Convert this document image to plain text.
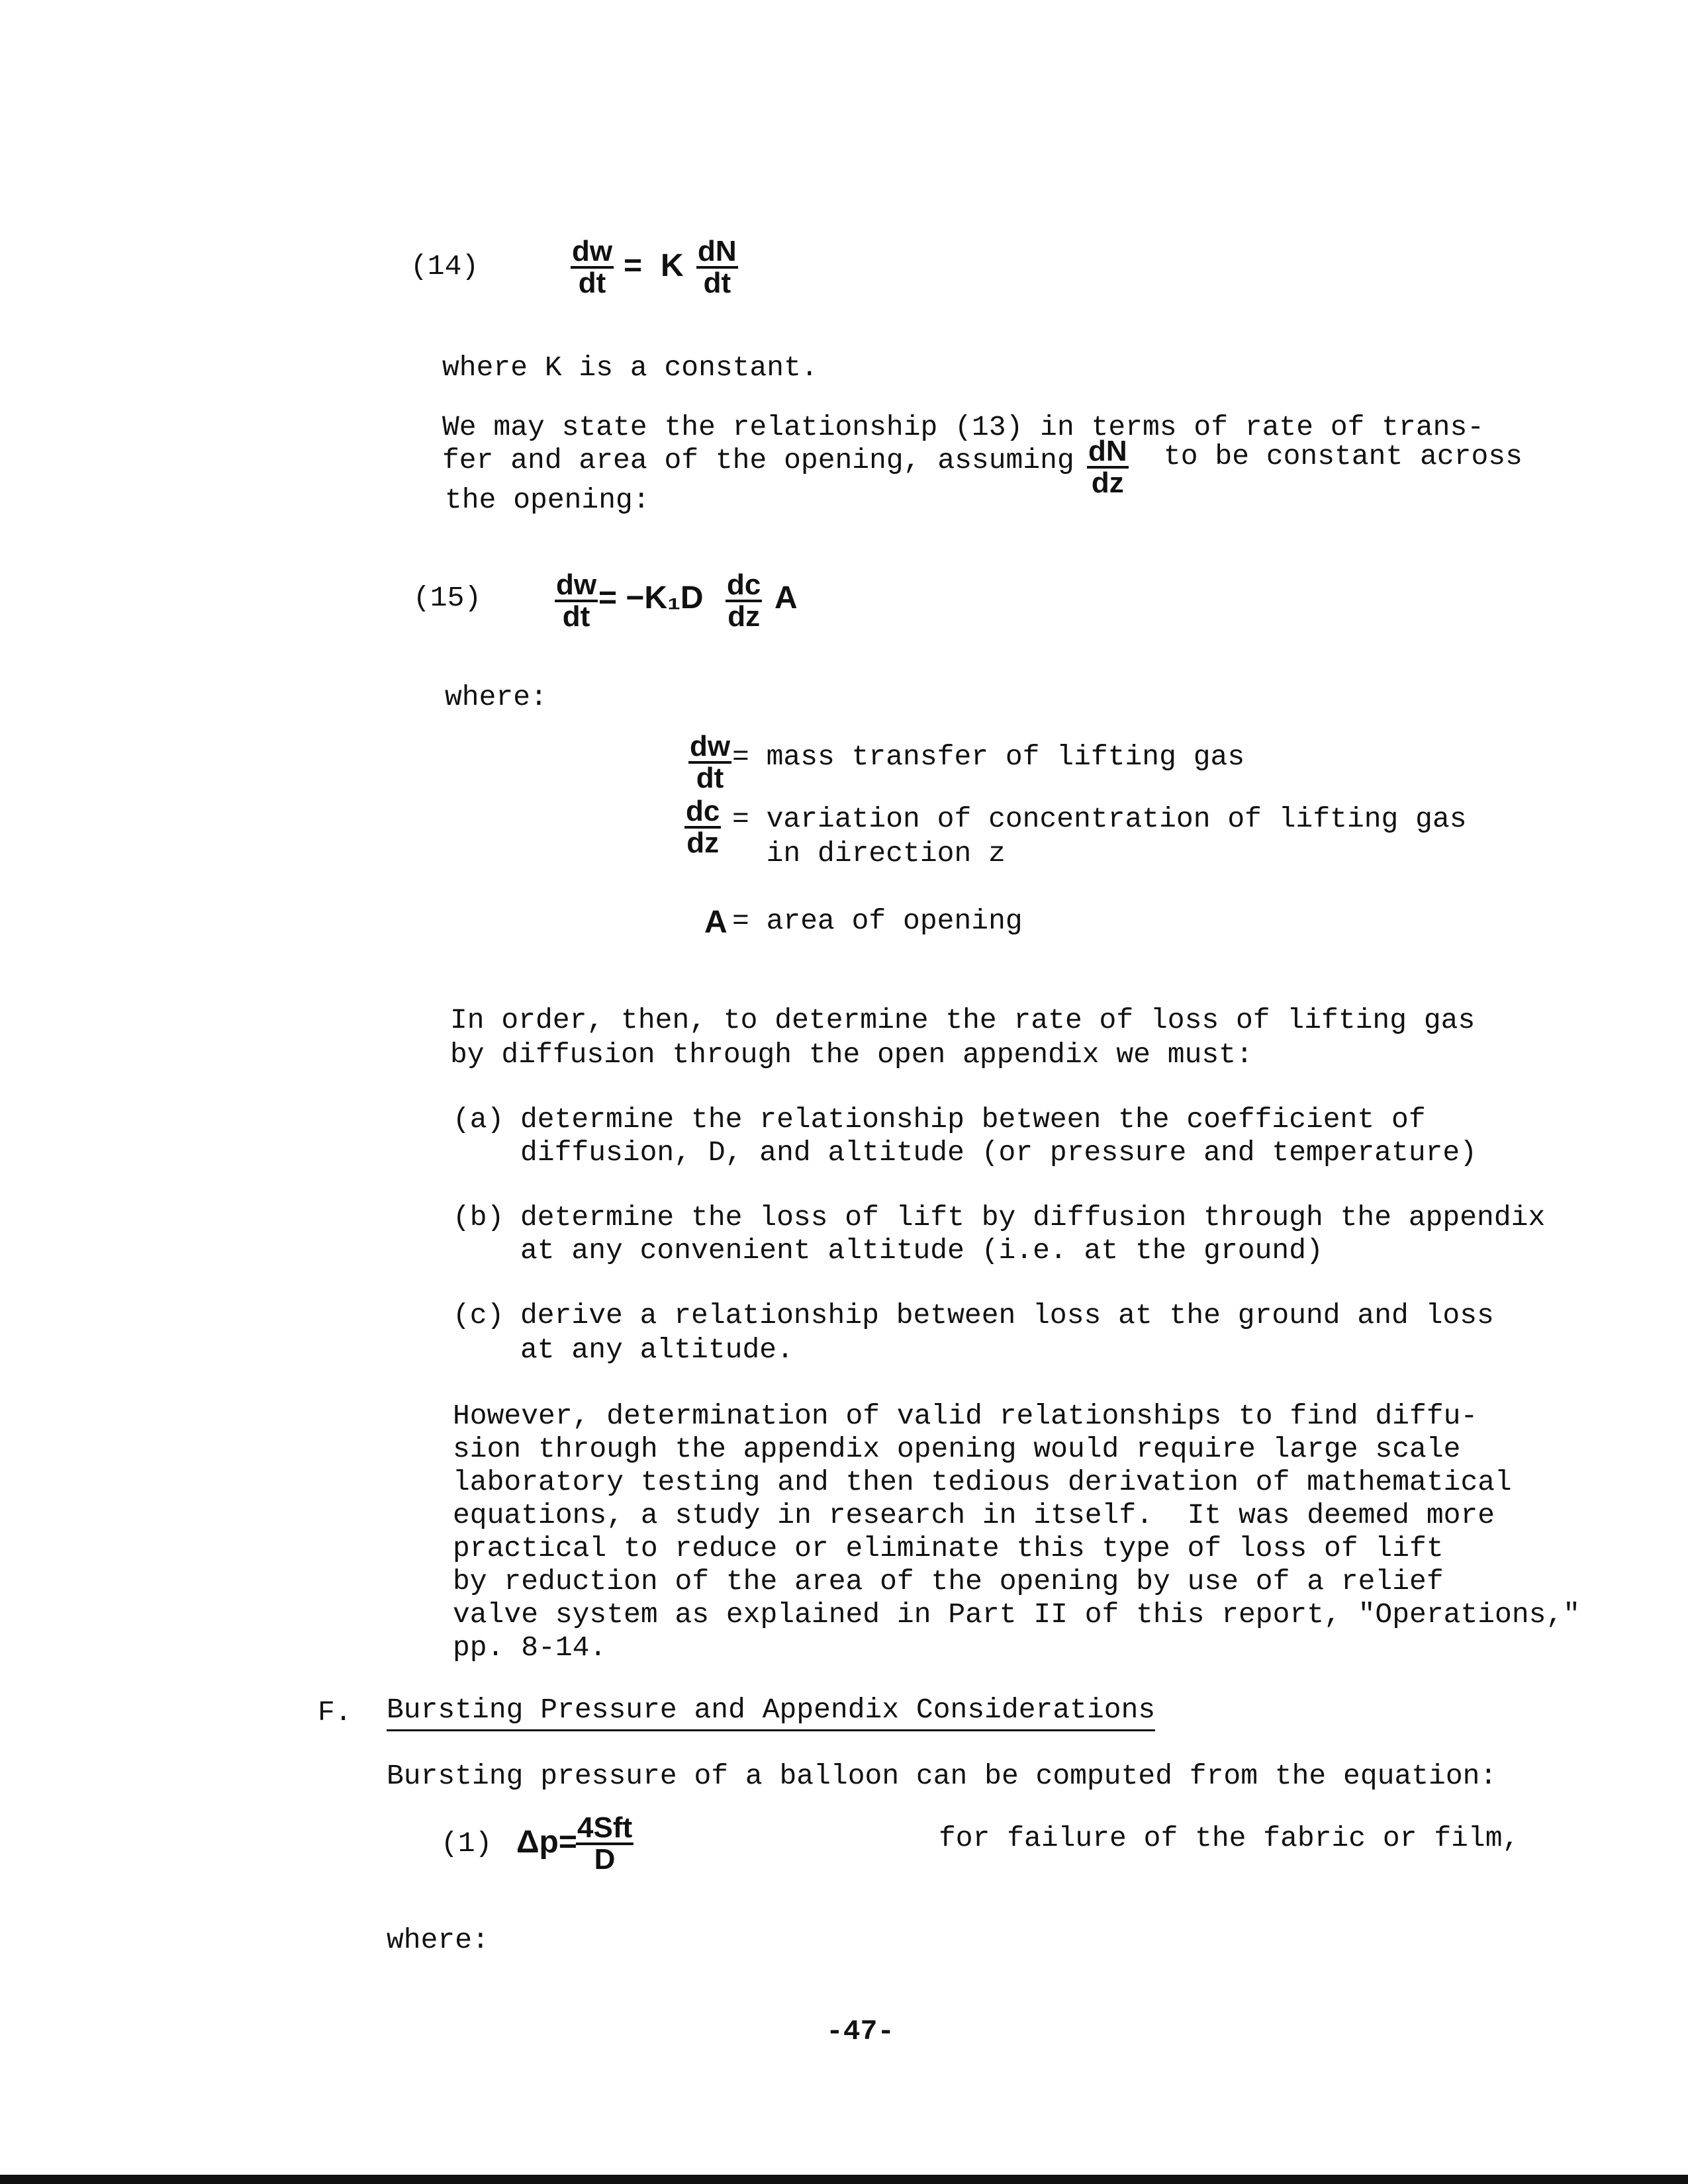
(14)	$\frac{dw}{dt} = K \frac{dN}{dt}$
where K is a constant.
We may state the relationship (13) in terms of rate of trans-
fer and area of the opening, assuming $\frac{dN}{dz}$ to be constant across
the opening:
(15)	$\frac{dw}{dt} = -K_1D \frac{dc}{dz}$ A
where:
$\frac{dw}{dt}$ = mass transfer of lifting gas
$\frac{dc}{dz}$ = variation of concentration of lifting gas
in direction z
A = area of opening
In order, then, to determine the rate of loss of lifting gas
by diffusion through the open appendix we must:
(a) determine the relationship between the coefficient of
diffusion, D, and altitude (or pressure and temperature)
(b) determine the loss of lift by diffusion through the appendix
at any convenient altitude (i.e. at the ground)
(c) derive a relationship between loss at the ground and loss
at any altitude.
However, determination of valid relationships to find diffu-
sion through the appendix opening would require large scale
laboratory testing and then tedious derivation of mathematical
equations, a study in research in itself.  It was deemed more
practical to reduce or eliminate this type of loss of lift
by reduction of the area of the opening by use of a relief
valve system as explained in Part II of this report, "Operations,"
pp. 8-14.
F. Bursting Pressure and Appendix Considerations
Bursting pressure of a balloon can be computed from the equation:
(1) Δp= 4Sft
D
for failure of the fabric or film,
where:
-47-
